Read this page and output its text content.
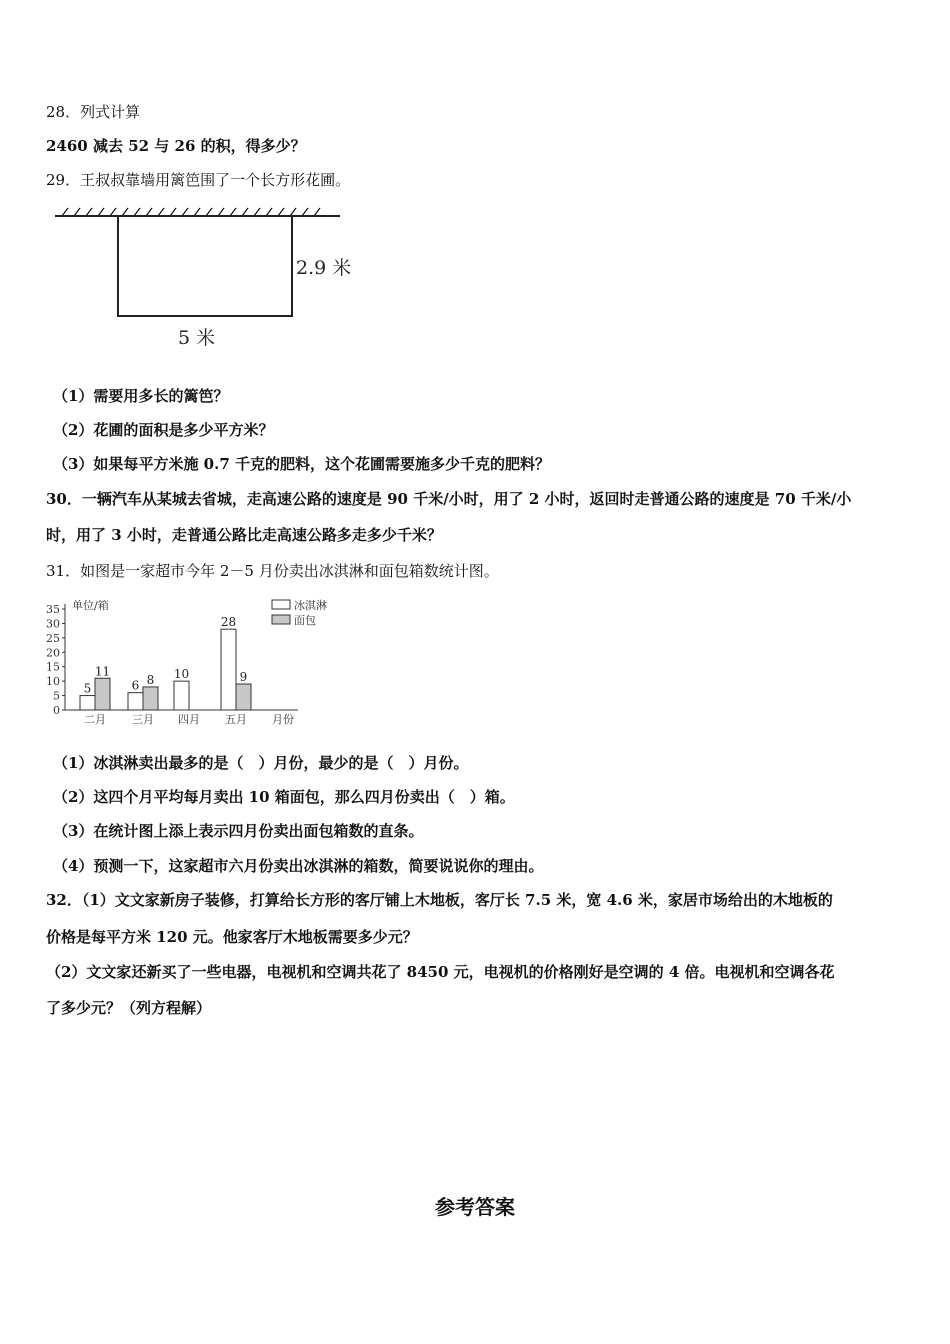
28．列式计算
2460 减去 52 与 26 的积，得多少？
29．王叔叔靠墙用篱笆围了一个长方形花圃。
2.9 米
5 米
（1）需要用多长的篱笆？
（2）花圃的面积是多少平方米？
（3）如果每平方米施 0.7 千克的肥料，这个花圃需要施多少千克的肥料？
30．一辆汽车从某城去省城，走高速公路的速度是 90 千米/小时，用了 2 小时，返回时走普通公路的速度是 70 千米/小
时，用了 3 小时，走普通公路比走高速公路多走多少千米？
31．如图是一家超市今年 2－5 月份卖出冰淇淋和面包箱数统计图。
单位/箱
月份
冰淇淋
面包
0
5
10
15
20
25
30
35
5
11
6 8 10
28
9
二月 三月 四月 五月
（1）冰淇淋卖出最多的是（　）月份，最少的是（　）月份。
（2）这四个月平均每月卖出 10 箱面包，那么四月份卖出（　）箱。
（3）在统计图上添上表示四月份卖出面包箱数的直条。
（4）预测一下，这家超市六月份卖出冰淇淋的箱数，简要说说你的理由。
32．（1）文文家新房子装修，打算给长方形的客厅铺上木地板，客厅长 7.5 米，宽 4.6 米，家居市场给出的木地板的
价格是每平方米 120 元。他家客厅木地板需要多少元？
（2）文文家还新买了一些电器，电视机和空调共花了 8450 元，电视机的价格刚好是空调的 4 倍。电视机和空调各花
了多少元？（列方程解）
参考答案
